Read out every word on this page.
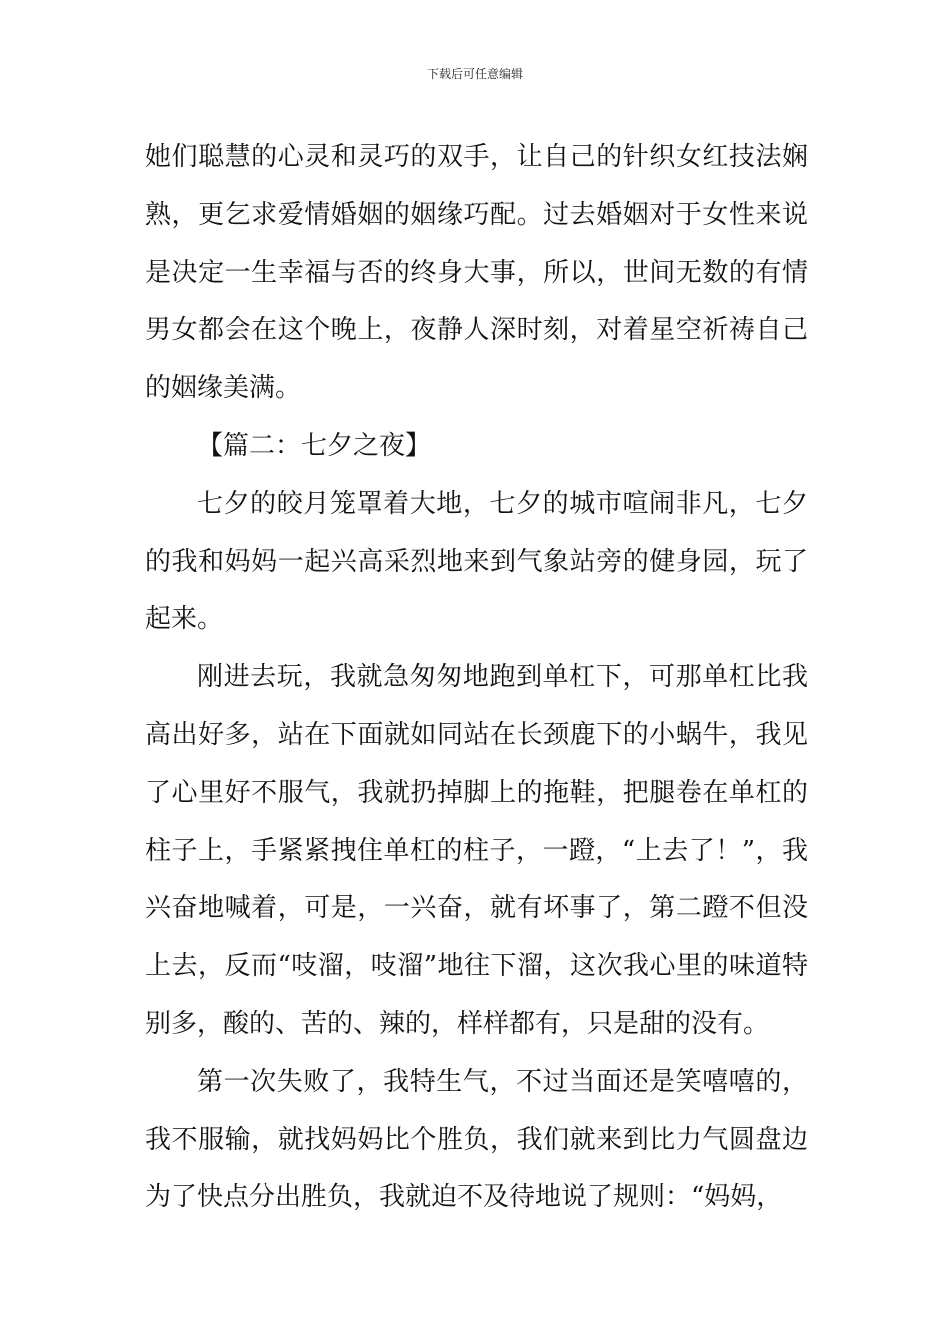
下载后可任意编辑

她们聪慧的心灵和灵巧的双手，让自己的针织女红技法娴熟，更乞求爱情婚姻的姻缘巧配。过去婚姻对于女性来说是决定一生幸福与否的终身大事，所以，世间无数的有情男女都会在这个晚上，夜静人深时刻，对着星空祈祷自己的姻缘美满。

【篇二：七夕之夜】

七夕的皎月笼罩着大地，七夕的城市喧闹非凡，七夕的我和妈妈一起兴高采烈地来到气象站旁的健身园，玩了起来。

刚进去玩，我就急匆匆地跑到单杠下，可那单杠比我高出好多，站在下面就如同站在长颈鹿下的小蜗牛，我见了心里好不服气，我就扔掉脚上的拖鞋，把腿卷在单杠的柱子上，手紧紧拽住单杠的柱子，一蹬，“上去了！”，我兴奋地喊着，可是，一兴奋，就有坏事了，第二蹬不但没上去，反而“吱溜，吱溜”地往下溜，这次我心里的味道特别多，酸的、苦的、辣的，样样都有，只是甜的没有。

第一次失败了，我特生气，不过当面还是笑嘻嘻的，我不服输，就找妈妈比个胜负，我们就来到比力气圆盘边为了快点分出胜负，我就迫不及待地说了规则：“妈妈，
